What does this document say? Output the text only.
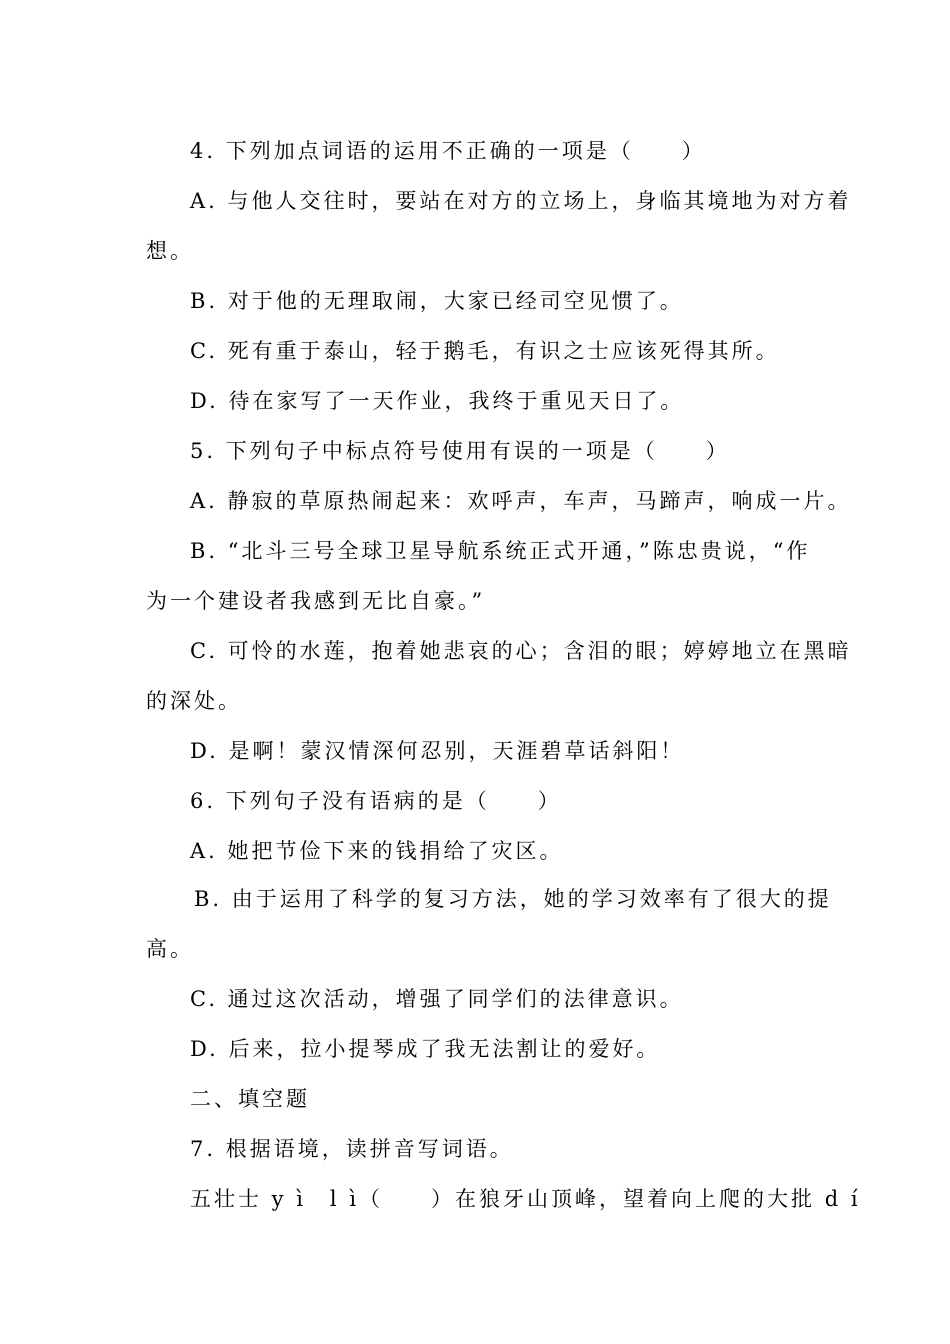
4. 下列加点词语的运用不正确的一项是（　　）
A. 与他人交往时，要站在对方的立场上，身临其境地为对方着
想。
B. 对于他的无理取闹，大家已经司空见惯了。
C. 死有重于泰山，轻于鹅毛，有识之士应该死得其所。
D. 待在家写了一天作业，我终于重见天日了。
5. 下列句子中标点符号使用有误的一项是（　　）
A. 静寂的草原热闹起来：欢呼声，车声，马蹄声，响成一片。
B. “北斗三号全球卫星导航系统正式开通，”陈忠贵说，“作
为一个建设者我感到无比自豪。”
C. 可怜的水莲，抱着她悲哀的心；含泪的眼；婷婷地立在黑暗
的深处。
D. 是啊！蒙汉情深何忍别，天涯碧草话斜阳！
6. 下列句子没有语病的是（　　）
A. 她把节俭下来的钱捐给了灾区。
B. 由于运用了科学的复习方法，她的学习效率有了很大的提
高。
C. 通过这次活动，增强了同学们的法律意识。
D. 后来，拉小提琴成了我无法割让的爱好。
二、填空题
7. 根据语境，读拼音写词语。
五壮士 y ì　l ì（　　）在狼牙山顶峰，望着向上爬的大批 d í
